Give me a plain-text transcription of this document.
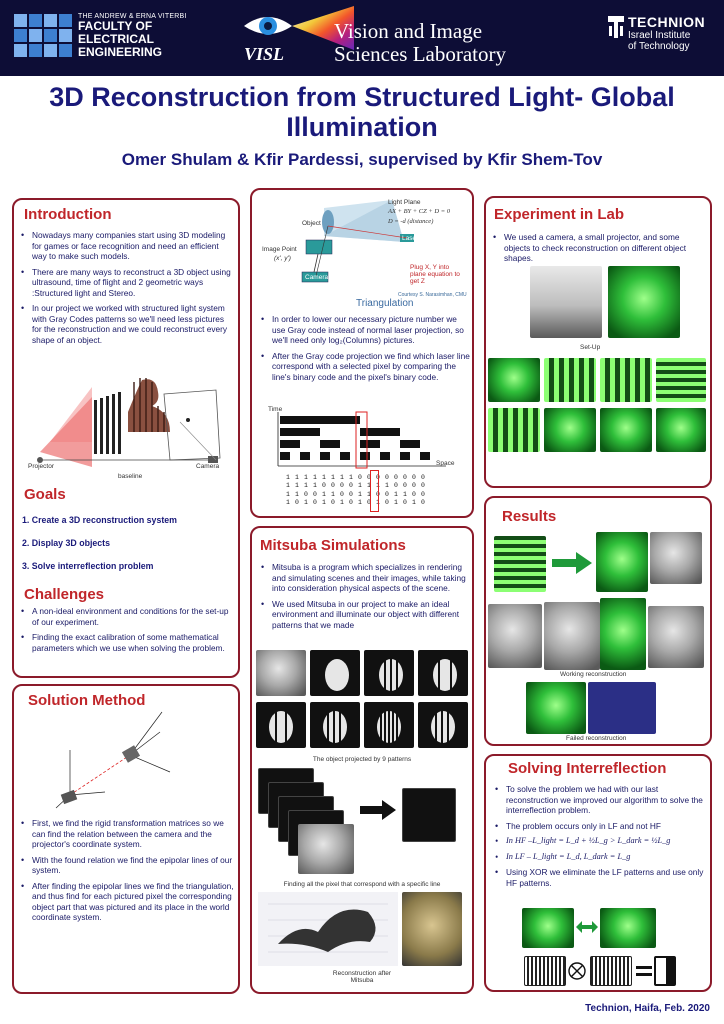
THE ANDREW & ERNA VITERBI
FACULTY OF
ELECTRICAL
ENGINEERING	VISL
Vision and Image
Sciences Laboratory
TECHNION
Israel Institute
of Technology
3D Reconstruction from Structured Light- Global Illumination
Omer Shulam & Kfir Pardessi, supervised by Kfir Shem-Tov
Introduction
• Nowadays many companies start using 3D modeling for games or face recognition and need an efficient way to make such models.
• There are many ways to reconstruct a 3D object using ultrasound, time of flight and 2 geometric ways :Structured light and Stereo.
• In our project we worked with structured light system with Gray Codes patterns so we'll need less pictures for the reconstruction and we could reconstruct every shape of an object.
Projector
baseline
Camera
Goals
1. Create a 3D reconstruction system
2. Display 3D objects
3. Solve interreflection problem
Challenges
• A non-ideal environment and conditions for the set-up of our experiment.
• Finding the exact calibration of some mathematical parameters which we use when solving the problem.
Solution Method
• First, we find the rigid transformation matrices so we can find the relation between the camera and the projector's coordinate system.
• With the found relation we find the epipolar lines of our system.
• After finding the epipolar lines we find the triangulation, and thus find for each pictured pixel the corresponding object part that was pictured and its place in the world coordinate system.
Light Plane
AX + BY + CZ + D = 0
D = -d (distance)
Object
Image Point
(x', y')
Camera
Laser
Plug X, Y into plane equation to get Z
Courtesy S. Narasimhan, CMU
Triangulation
• In order to lower our necessary picture number we use Gray code instead of normal laser projection, so we'll need only log₂(Columns) pictures.
• After the Gray code projection we find which laser line correspond with a selected pixel by comparing the line's binary code and the pixel's binary code.
Time
Space
1 1 1 1 1 1 1 1 0 0 0 0 0 0 0 0
1 1 1 1 0 0 0 0 1 1 1 1 0 0 0 0
1 1 0 0 1 1 0 0 1 1 0 0 1 1 0 0
1 0 1 0 1 0 1 0 1 0 1 0 1 0 1 0
Mitsuba Simulations
• Mitsuba is a program which specializes in rendering and simulating scenes and their images, while taking into consideration physical aspects of the scene.
• We used Mitsuba in our project to make an ideal environment and illuminate our object with different patterns that we made
The object projected by 9 patterns
Finding all the pixel that correspond with a specific line
Reconstruction after Mitsuba
Experiment in Lab
• We used a camera, a small projector, and some objects to check reconstruction on different object shapes.
Set-Up
Results
Working reconstruction
Failed reconstruction
Solving Interreflection
• To solve the problem we had with our last reconstruction we improved our algorithm to solve the interreflection problem.
• The problem occurs only in LF and not HF
• In HF –L_light = L_d + ½L_g > L_dark = ½L_g
• In LF – L_light = L_d, L_dark = L_g
• Using XOR we eliminate the LF patterns and use only HF patterns.
Technion, Haifa, Feb. 2020
